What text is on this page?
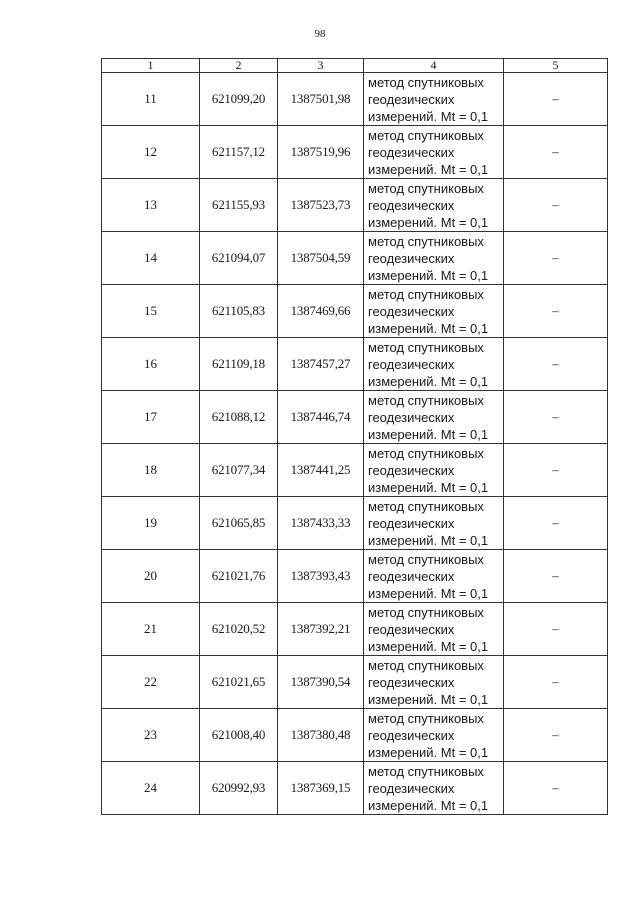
98
1	2	3	4	5
11	621099,20	1387501,98	метод спутниковых
геодезических
измерений. Mt = 0,1	–
12	621157,12	1387519,96	метод спутниковых
геодезических
измерений. Mt = 0,1	–
13	621155,93	1387523,73	метод спутниковых
геодезических
измерений. Mt = 0,1	–
14	621094,07	1387504,59	метод спутниковых
геодезических
измерений. Mt = 0,1	–
15	621105,83	1387469,66	метод спутниковых
геодезических
измерений. Mt = 0,1	–
16	621109,18	1387457,27	метод спутниковых
геодезических
измерений. Mt = 0,1	–
17	621088,12	1387446,74	метод спутниковых
геодезических
измерений. Mt = 0,1	–
18	621077,34	1387441,25	метод спутниковых
геодезических
измерений. Mt = 0,1	–
19	621065,85	1387433,33	метод спутниковых
геодезических
измерений. Mt = 0,1	–
20	621021,76	1387393,43	метод спутниковых
геодезических
измерений. Mt = 0,1	–
21	621020,52	1387392,21	метод спутниковых
геодезических
измерений. Mt = 0,1	–
22	621021,65	1387390,54	метод спутниковых
геодезических
измерений. Mt = 0,1	–
23	621008,40	1387380,48	метод спутниковых
геодезических
измерений. Mt = 0,1	–
24	620992,93	1387369,15	метод спутниковых
геодезических
измерений. Mt = 0,1	–
